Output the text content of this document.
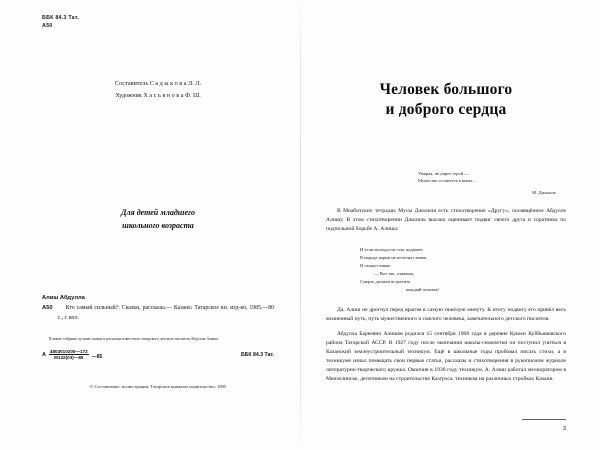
ББК 84.3 Тат.
А50
Составитель С а д ы к о в а Л. Л.
Художник Х а с ь я н о в а Ф. Ш.
Для детей младшего
школьного возраста
Алиш Абдулла
А50	Кто самый сильный?: Сказки, рассказы.— Казань: Татарское кн. изд-во, 1985.—80 с., с илл.
В книге собраны лучшие сказки и рассказы известного татарского детского писателя Абдуллы Алиша.
А $\frac{4803010200—172}{М132(03)—85}$ —85	ББК 84.3 Тат.
© Составление, иллюстрации. Татарское книжное издательство, 1985
Человек большого
и доброго сердца
Умирая, не умрет герой —
Мужество останется в веках...
М. Джалиль

В Моабитских тетрадях Мусы Джалиля есть стихотворение «Другу», посвящённое Абдулле Алишу. В этом стихотворении Джалиль высоко оценивает подвиг своего друга и соратника по подпольной борьбе А. Алиша:

И если молодости стяг подымет,
В народе корни не исчезнут вовек.
И скажут юные:
— Вот так, отважно,
Смерть должен встретить
каждый человек!

Да, Алиш не дрогнул перед врагом в самую тяжёлую минуту. К итогу подвигу его привёл весь жизненный путь, путь мужественного и смелого человека, замечательного детского писателя.

Абдулла Бареевич Алишев родился 15 сентября 1908 года в деревне Куюки Куйбышевского района Татарской АССР. В 1927 году после окончания школы-семилетки он поступил учиться в Казанский землеустроительный техникум. Ещё в школьные годы пробовал писать стихи, а в техникуме начал помещать свои первые статьи, рассказы и стихотворения в рукописном журнале литературно-творческого кружка. Окончив в 1930 году техникум, А. Алиш работал мелиоратором в Мензелинске, десятником на строительстве Казгрэса, техником на различных стройках Казани.

3
